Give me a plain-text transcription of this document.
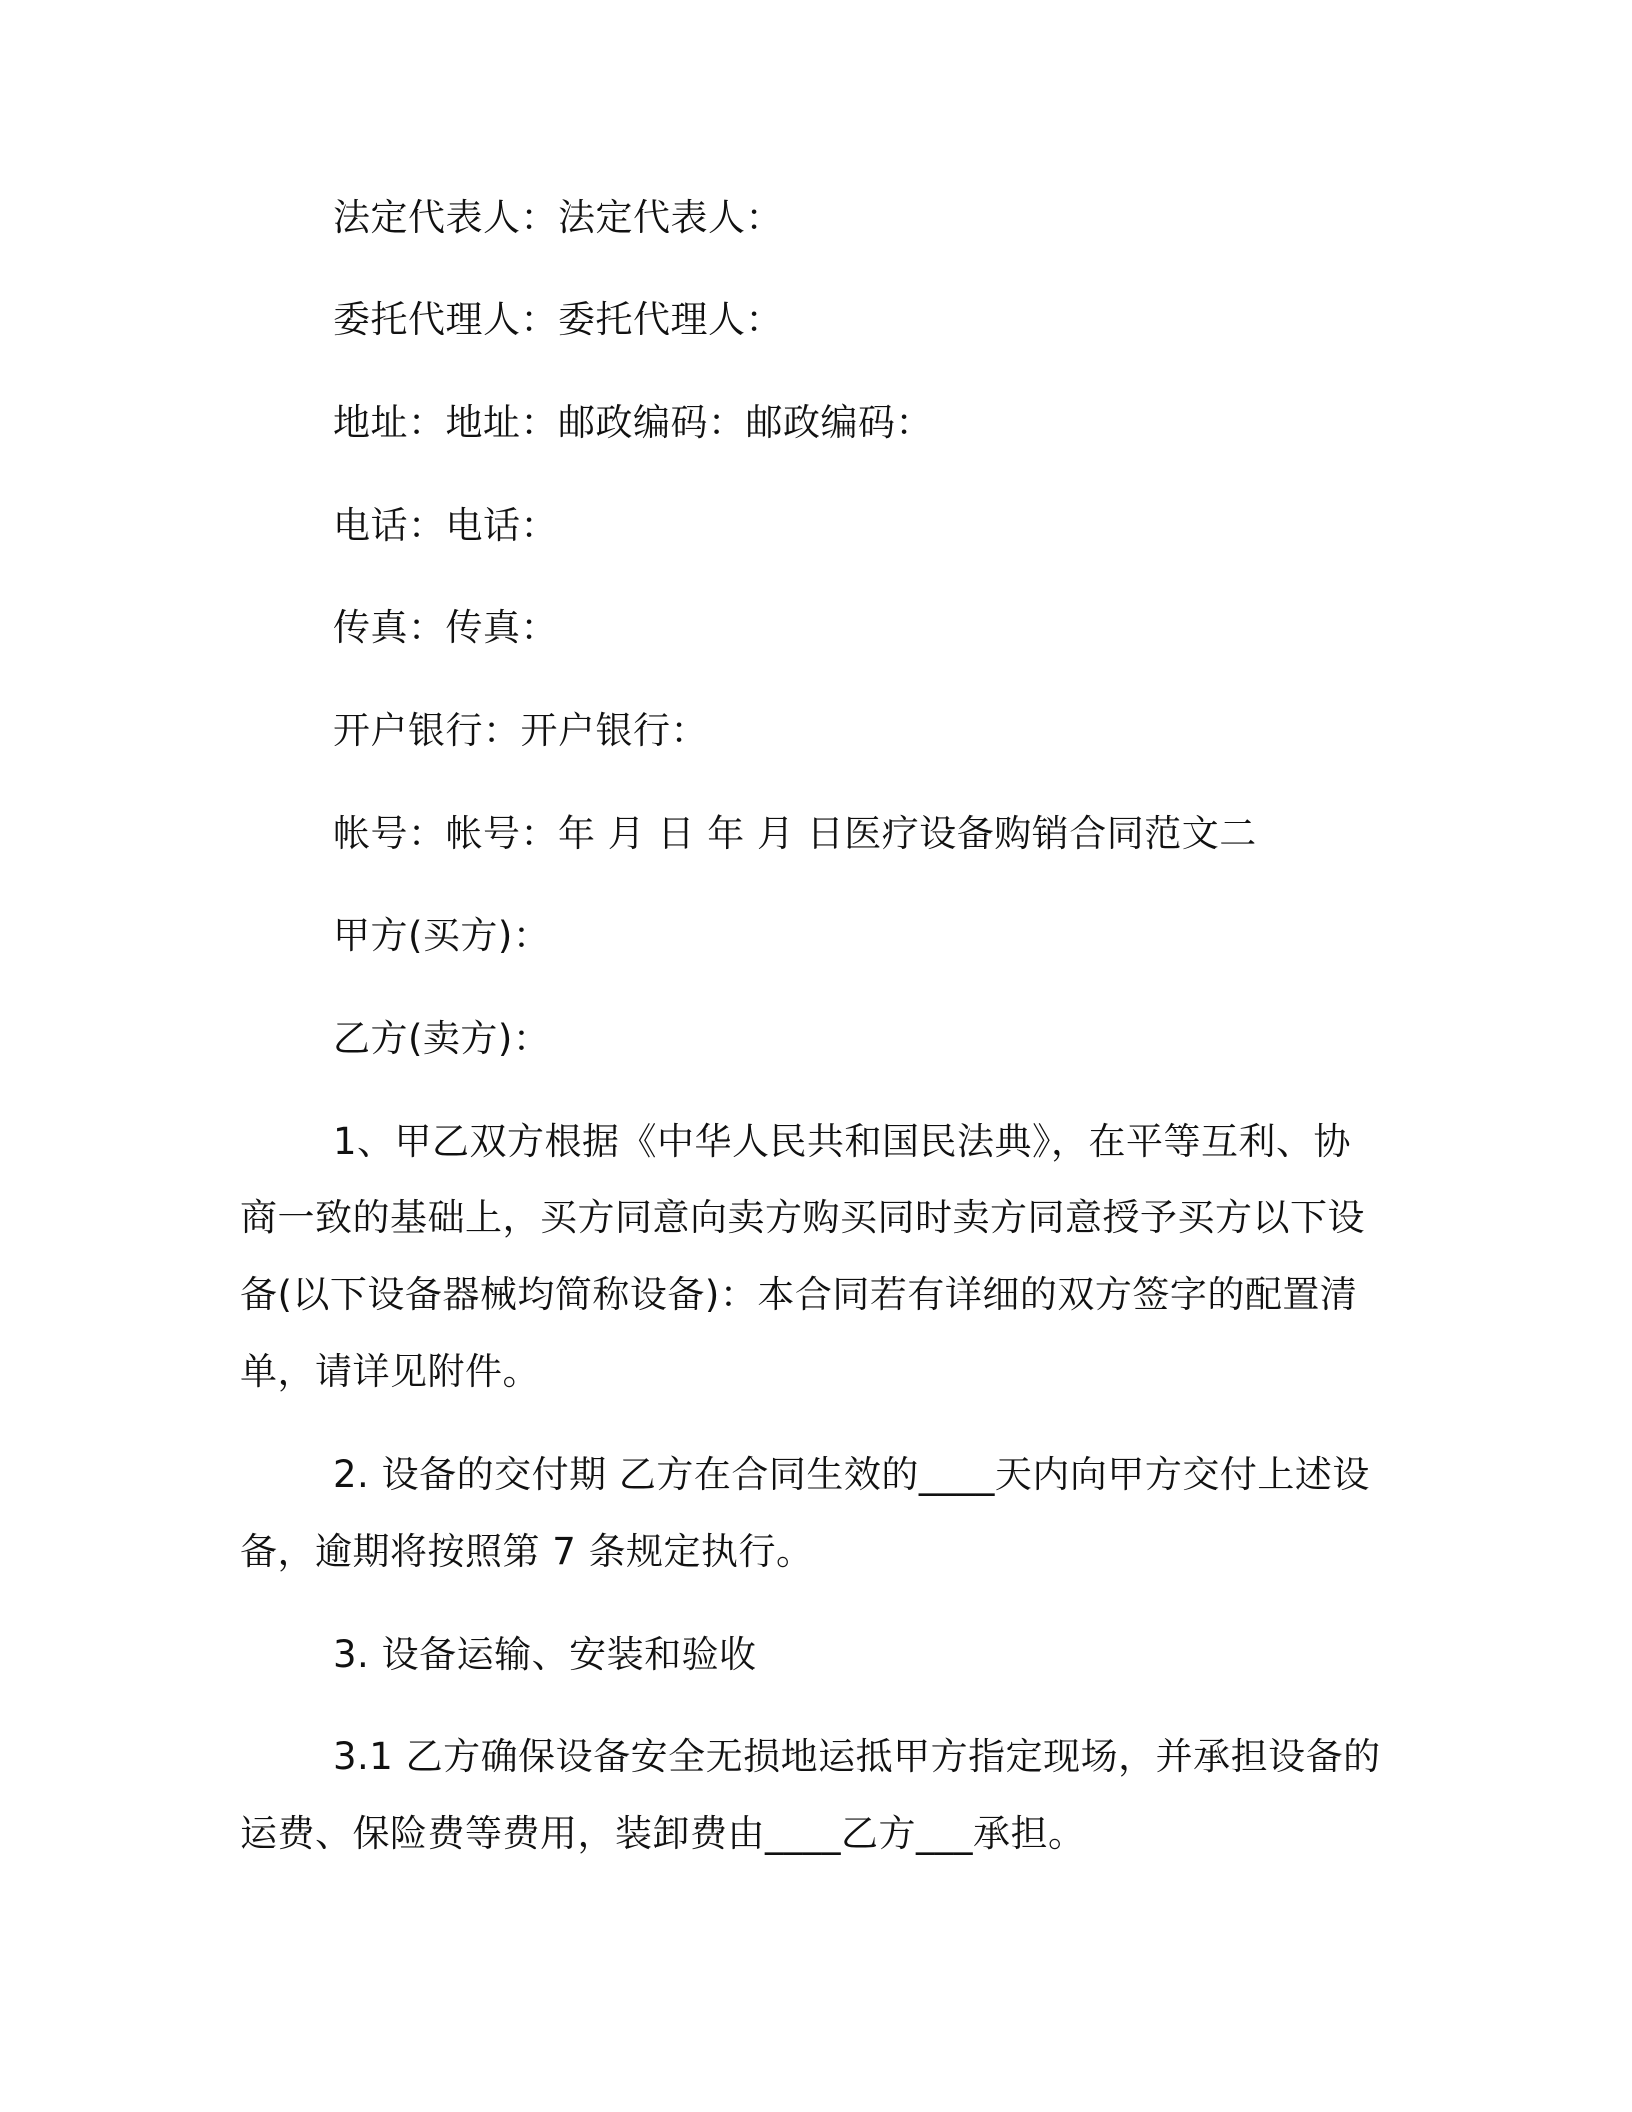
法定代表人：法定代表人：
委托代理人：委托代理人：
地址：地址：邮政编码：邮政编码：
电话：电话：
传真：传真：
开户银行：开户银行：
帐号：帐号：年 月 日 年 月 日医疗设备购销合同范文二
甲方(买方)：
乙方(卖方)：
1、甲乙双方根据《中华人民共和国民法典》，在平等互利、协
商一致的基础上，买方同意向卖方购买同时卖方同意授予买方以下设
备(以下设备器械均简称设备)：本合同若有详细的双方签字的配置清
单，请详见附件。
2. 设备的交付期 乙方在合同生效的____天内向甲方交付上述设
备，逾期将按照第 7 条规定执行。
3. 设备运输、安装和验收
3.1 乙方确保设备安全无损地运抵甲方指定现场，并承担设备的
运费、保险费等费用，装卸费由____乙方___承担。
